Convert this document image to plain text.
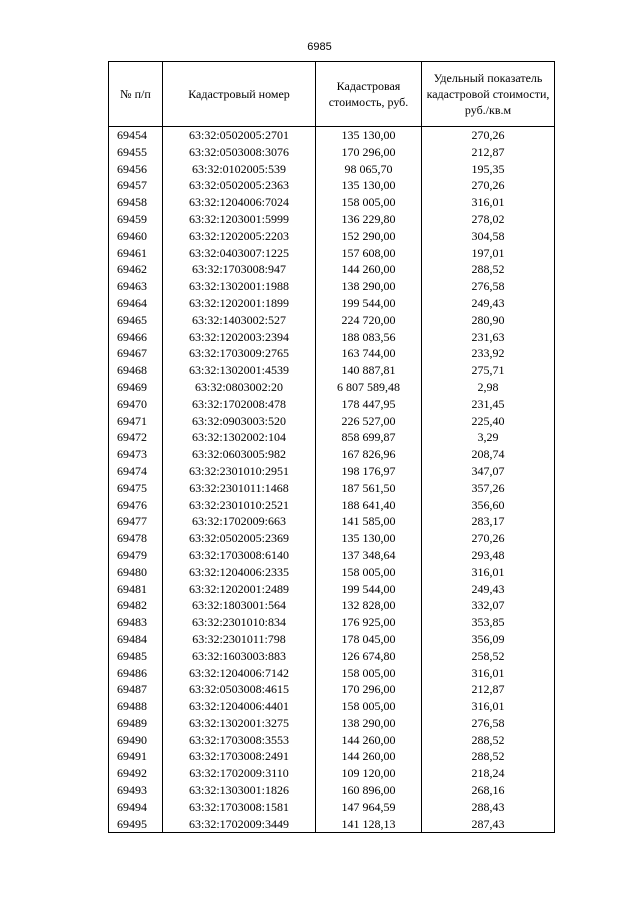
6985
№ п/п	Кадастровый номер	Кадастровая стоимость, руб.	Удельный показатель кадастровой стоимости, руб./кв.м
69454	63:32:0502005:2701	135 130,00	270,26
69455	63:32:0503008:3076	170 296,00	212,87
69456	63:32:0102005:539	98 065,70	195,35
69457	63:32:0502005:2363	135 130,00	270,26
69458	63:32:1204006:7024	158 005,00	316,01
69459	63:32:1203001:5999	136 229,80	278,02
69460	63:32:1202005:2203	152 290,00	304,58
69461	63:32:0403007:1225	157 608,00	197,01
69462	63:32:1703008:947	144 260,00	288,52
69463	63:32:1302001:1988	138 290,00	276,58
69464	63:32:1202001:1899	199 544,00	249,43
69465	63:32:1403002:527	224 720,00	280,90
69466	63:32:1202003:2394	188 083,56	231,63
69467	63:32:1703009:2765	163 744,00	233,92
69468	63:32:1302001:4539	140 887,81	275,71
69469	63:32:0803002:20	6 807 589,48	2,98
69470	63:32:1702008:478	178 447,95	231,45
69471	63:32:0903003:520	226 527,00	225,40
69472	63:32:1302002:104	858 699,87	3,29
69473	63:32:0603005:982	167 826,96	208,74
69474	63:32:2301010:2951	198 176,97	347,07
69475	63:32:2301011:1468	187 561,50	357,26
69476	63:32:2301010:2521	188 641,40	356,60
69477	63:32:1702009:663	141 585,00	283,17
69478	63:32:0502005:2369	135 130,00	270,26
69479	63:32:1703008:6140	137 348,64	293,48
69480	63:32:1204006:2335	158 005,00	316,01
69481	63:32:1202001:2489	199 544,00	249,43
69482	63:32:1803001:564	132 828,00	332,07
69483	63:32:2301010:834	176 925,00	353,85
69484	63:32:2301011:798	178 045,00	356,09
69485	63:32:1603003:883	126 674,80	258,52
69486	63:32:1204006:7142	158 005,00	316,01
69487	63:32:0503008:4615	170 296,00	212,87
69488	63:32:1204006:4401	158 005,00	316,01
69489	63:32:1302001:3275	138 290,00	276,58
69490	63:32:1703008:3553	144 260,00	288,52
69491	63:32:1703008:2491	144 260,00	288,52
69492	63:32:1702009:3110	109 120,00	218,24
69493	63:32:1303001:1826	160 896,00	268,16
69494	63:32:1703008:1581	147 964,59	288,43
69495	63:32:1702009:3449	141 128,13	287,43
